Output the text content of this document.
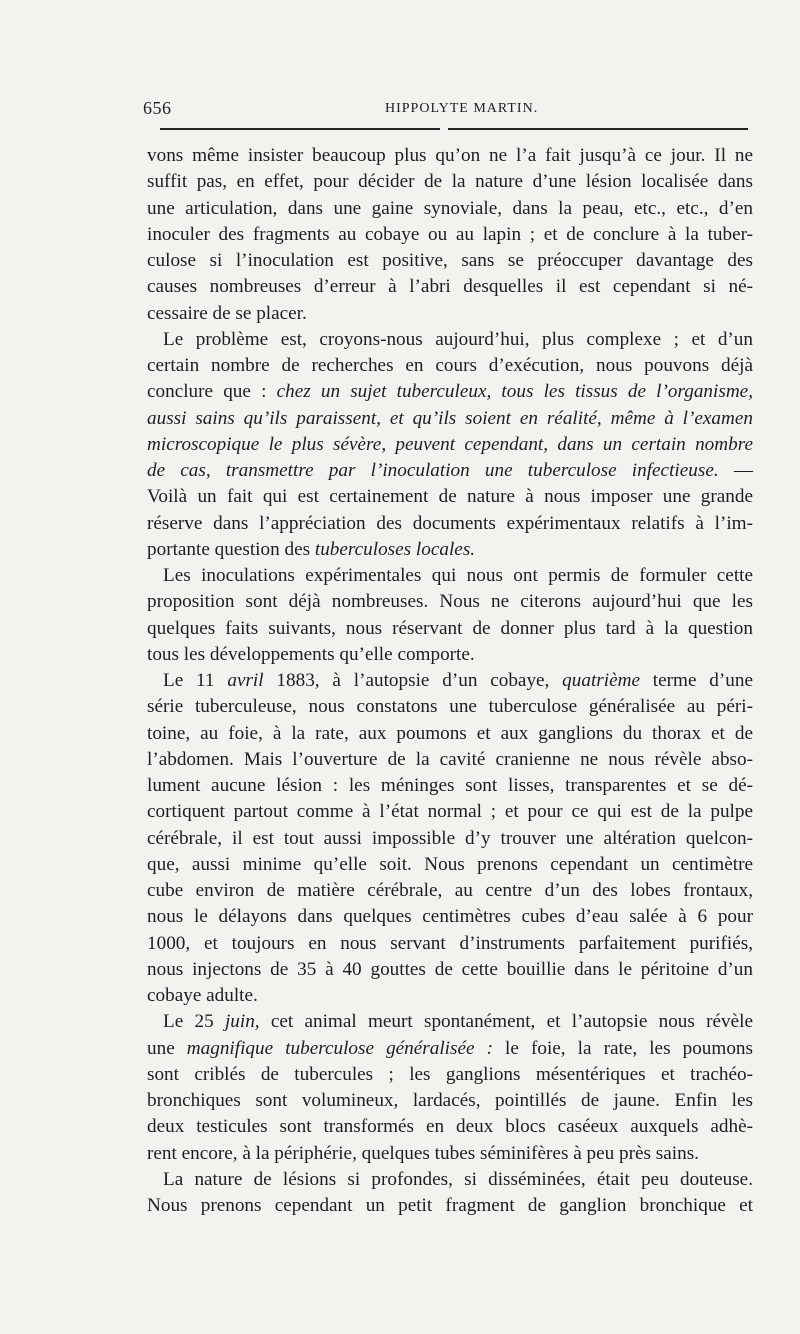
656	HIPPOLYTE MARTIN.
vons même insister beaucoup plus qu’on ne l’a fait jusqu’à ce jour. Il ne
suffit pas, en effet, pour décider de la nature d’une lésion localisée dans
une articulation, dans une gaine synoviale, dans la peau, etc., etc., d’en
inoculer des fragments au cobaye ou au lapin ; et de conclure à la tuber-
culose si l’inoculation est positive, sans se préoccuper davantage des
causes nombreuses d’erreur à l’abri desquelles il est cependant si né-
cessaire de se placer.
Le problème est, croyons-nous aujourd’hui, plus complexe ; et d’un
certain nombre de recherches en cours d’exécution, nous pouvons déjà
conclure que : chez un sujet tuberculeux, tous les tissus de l’organisme,
aussi sains qu’ils paraissent, et qu’ils soient en réalité, même à l’examen
microscopique le plus sévère, peuvent cependant, dans un certain nombre
de cas, transmettre par l’inoculation une tuberculose infectieuse. —
Voilà un fait qui est certainement de nature à nous imposer une grande
réserve dans l’appréciation des documents expérimentaux relatifs à l’im-
portante question des tuberculoses locales.
Les inoculations expérimentales qui nous ont permis de formuler cette
proposition sont déjà nombreuses. Nous ne citerons aujourd’hui que les
quelques faits suivants, nous réservant de donner plus tard à la question
tous les développements qu’elle comporte.
Le 11 avril 1883, à l’autopsie d’un cobaye, quatrième terme d’une
série tuberculeuse, nous constatons une tuberculose généralisée au péri-
toine, au foie, à la rate, aux poumons et aux ganglions du thorax et de
l’abdomen. Mais l’ouverture de la cavité cranienne ne nous révèle abso-
lument aucune lésion : les méninges sont lisses, transparentes et se dé-
cortiquent partout comme à l’état normal ; et pour ce qui est de la pulpe
cérébrale, il est tout aussi impossible d’y trouver une altération quelcon-
que, aussi minime qu’elle soit. Nous prenons cependant un centimètre
cube environ de matière cérébrale, au centre d’un des lobes frontaux,
nous le délayons dans quelques centimètres cubes d’eau salée à 6 pour
1000, et toujours en nous servant d’instruments parfaitement purifiés,
nous injectons de 35 à 40 gouttes de cette bouillie dans le péritoine d’un
cobaye adulte.
Le 25 juin, cet animal meurt spontanément, et l’autopsie nous révèle
une magnifique tuberculose généralisée : le foie, la rate, les poumons
sont criblés de tubercules ; les ganglions mésentériques et trachéo-
bronchiques sont volumineux, lardacés, pointillés de jaune. Enfin les
deux testicules sont transformés en deux blocs caséeux auxquels adhè-
rent encore, à la périphérie, quelques tubes séminifères à peu près sains.
La nature de lésions si profondes, si disséminées, était peu douteuse.
Nous prenons cependant un petit fragment de ganglion bronchique et
